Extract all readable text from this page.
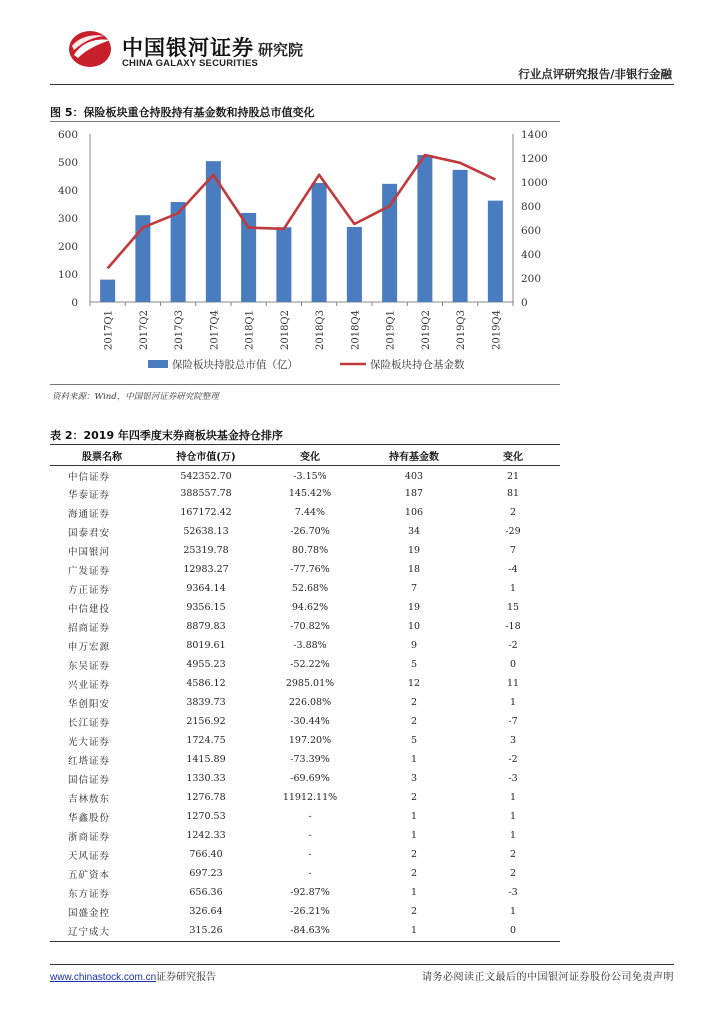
中国银河证券
CHINA GALAXY SECURITIES
研究院
行业点评研究报告/非银行金融
图 5：保险板块重仓持股持有基金数和持股总市值变化
0
100
200
300
400
500
600
0
200
400
600
800
1000
1200
1400
2017Q1 2017Q2 2017Q3 2017Q4 2018Q1 2018Q2 2018Q3 2018Q4 2019Q1 2019Q2 2019Q3 2019Q4
保险板块持股总市值（亿）	保险板块持仓基金数
资料来源：Wind，中国银河证券研究院整理
表 2：2019 年四季度末券商板块基金持仓排序
股票名称	持仓市值(万)	变化	持有基金数	变化
中信证券	542352.70	-3.15%	403	21
华泰证券	388557.78	145.42%	187	81
海通证券	167172.42	7.44%	106	2
国泰君安	52638.13	-26.70%	34	-29
中国银河	25319.78	80.78%	19	7
广发证券	12983.27	-77.76%	18	-4
方正证券	9364.14	52.68%	7	1
中信建投	9356.15	94.62%	19	15
招商证券	8879.83	-70.82%	10	-18
申万宏源	8019.61	-3.88%	9	-2
东吴证券	4955.23	-52.22%	5	0
兴业证券	4586.12	2985.01%	12	11
华创阳安	3839.73	226.08%	2	1
长江证券	2156.92	-30.44%	2	-7
光大证券	1724.75	197.20%	5	3
红塔证券	1415.89	-73.39%	1	-2
国信证券	1330.33	-69.69%	3	-3
吉林敖东	1276.78	11912.11%	2	1
华鑫股份	1270.53	-	1	1
浙商证券	1242.33	-	1	1
天风证券	766.40	-	2	2
五矿资本	697.23	-	2	2
东方证券	656.36	-92.87%	1	-3
国盛金控	326.64	-26.21%	2	1
辽宁成大	315.26	-84.63%	1	0
www.chinastock.com.cn证券研究报告	请务必阅读正文最后的中国银河证券股份公司免责声明
